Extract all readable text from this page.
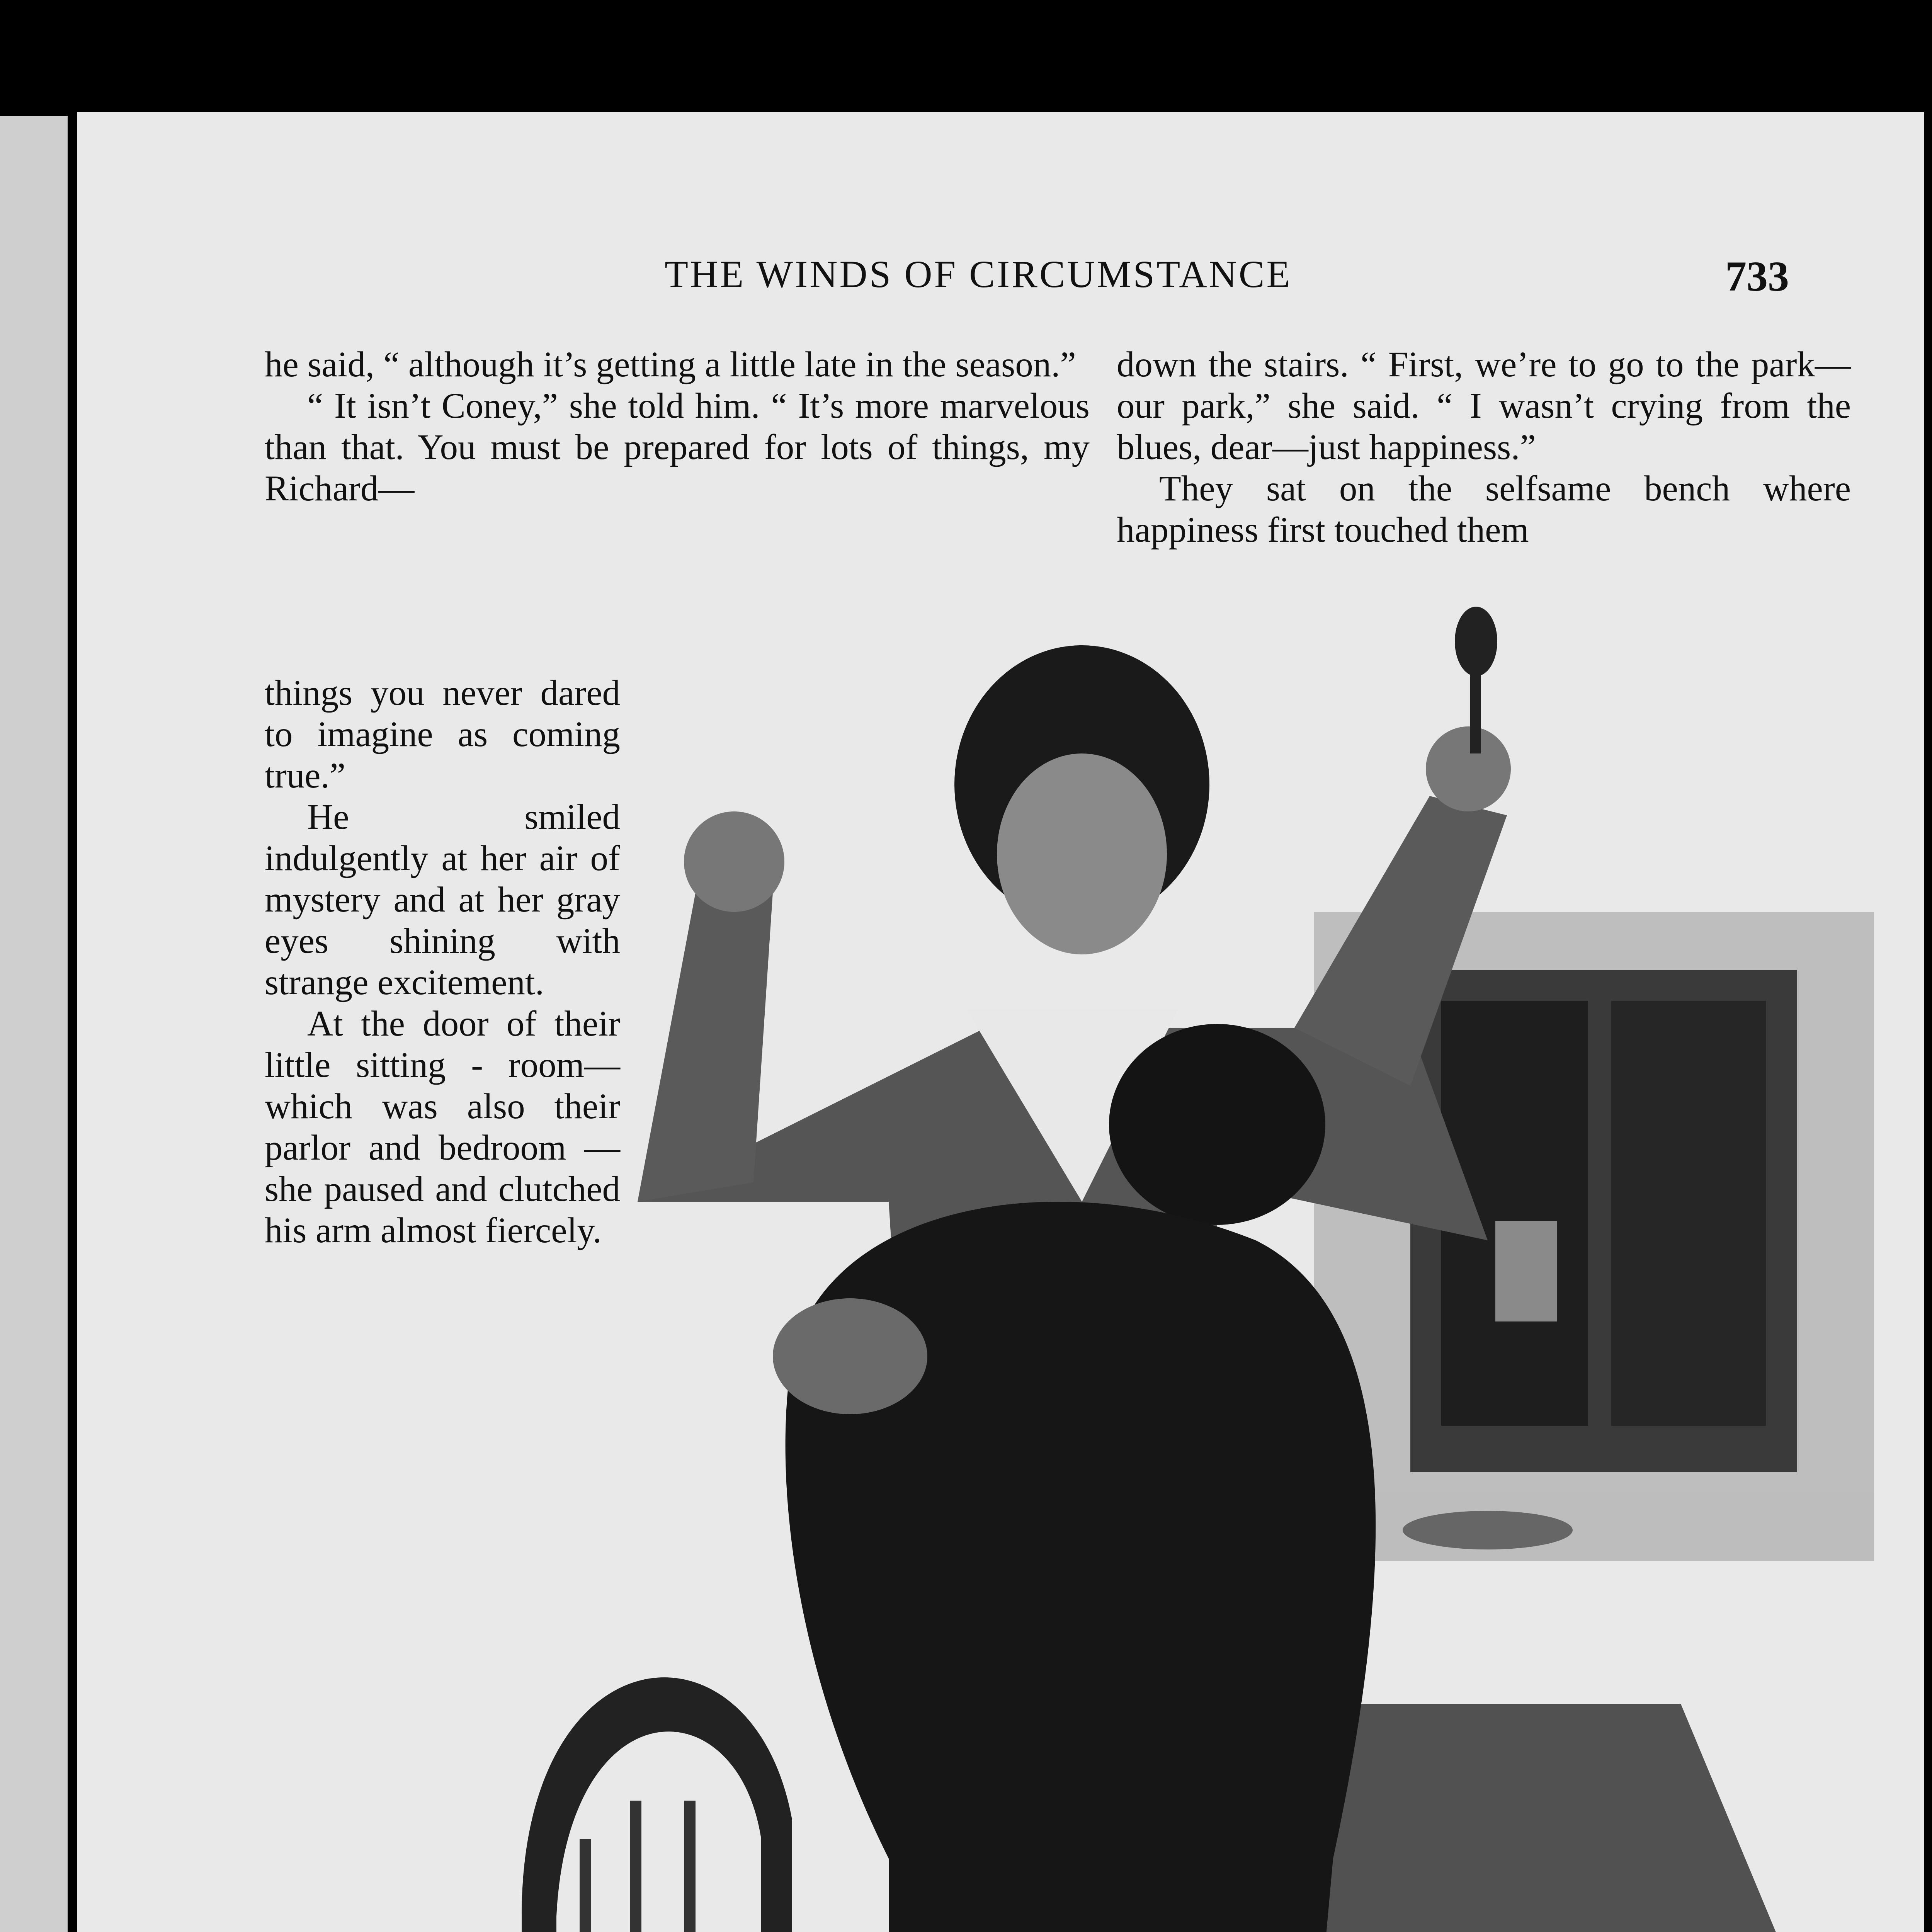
THE WINDS OF CIRCUMSTANCE	733

he said, “ although it’s getting a little late in the season.”

“ It isn’t Coney,” she told him. “ It’s more marvelous than that. You must be prepared for lots of things, my Richard—

things you never dared to imagine as coming true.”

He smiled indulgently at her air of mystery and at her gray eyes shining with strange excitement.

At the door of their little sitting - room—which was also their parlor and bedroom — she paused and clutched his arm almost fiercely.

down the stairs. “ First, we’re to go to the park—our park,” she said. “ I wasn’t crying from the blues, dear—just happiness.”

They sat on the selfsame bench where happiness first touched them
